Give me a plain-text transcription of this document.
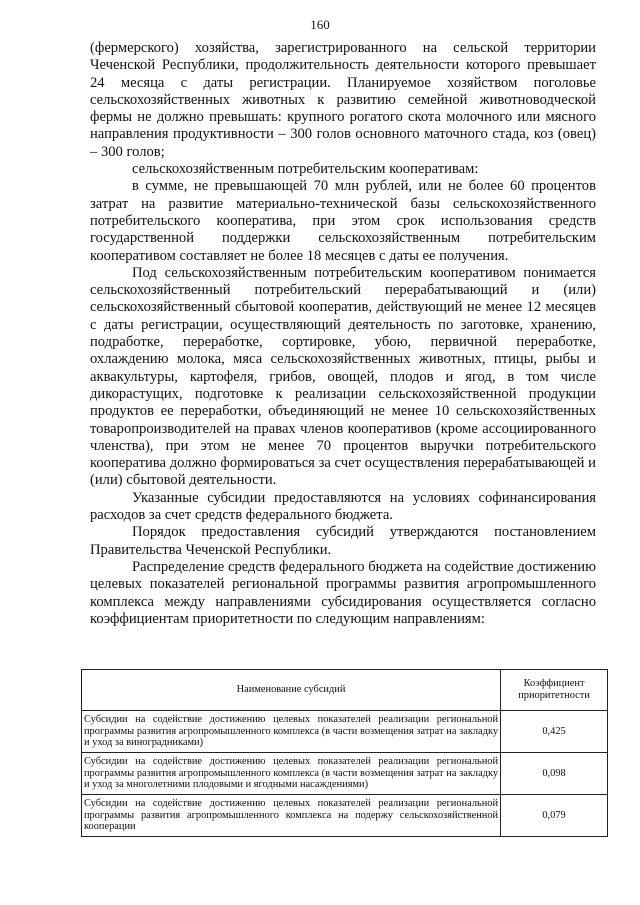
160

(фермерского) хозяйства, зарегистрированного на сельской территории Чеченской Республики, продолжительность деятельности которого превышает 24 месяца с даты регистрации. Планируемое хозяйством поголовье сельскохозяйственных животных к развитию семейной животноводческой фермы не должно превышать: крупного рогатого скота молочного или мясного направления продуктивности – 300 голов основного маточного стада, коз (овец) – 300 голов;

сельскохозяйственным потребительским кооперативам:

в сумме, не превышающей 70 млн рублей, или не более 60 процентов затрат на развитие материально-технической базы сельскохозяйственного потребительского кооператива, при этом срок использования средств государственной поддержки сельскохозяйственным потребительским кооперативом составляет не более 18 месяцев с даты ее получения.

Под сельскохозяйственным потребительским кооперативом понимается сельскохозяйственный потребительский перерабатывающий и (или) сельскохозяйственный сбытовой кооператив, действующий не менее 12 месяцев с даты регистрации, осуществляющий деятельность по заготовке, хранению, подработке, переработке, сортировке, убою, первичной переработке, охлаждению молока, мяса сельскохозяйственных животных, птицы, рыбы и аквакультуры, картофеля, грибов, овощей, плодов и ягод, в том числе дикорастущих, подготовке к реализации сельскохозяйственной продукции продуктов ее переработки, объединяющий не менее 10 сельскохозяйственных товаропроизводителей на правах членов кооперативов (кроме ассоциированного членства), при этом не менее 70 процентов выручки потребительского кооператива должно формироваться за счет осуществления перерабатывающей и (или) сбытовой деятельности.

Указанные субсидии предоставляются на условиях софинансирования расходов за счет средств федерального бюджета.

Порядок предоставления субсидий утверждаются постановлением Правительства Чеченской Республики.

Распределение средств федерального бюджета на содействие достижению целевых показателей региональной программы развития агропромышленного комплекса между направлениями субсидирования осуществляется согласно коэффициентам приоритетности по следующим направлениям:

Наименование субсидий	Коэффициент приоритетности
Субсидии на содействие достижению целевых показателей реализации региональной программы развития агропромышленного комплекса (в части возмещения затрат на закладку и уход за виноградниками)	0,425
Субсидии на содействие достижению целевых показателей реализации региональной программы развития агропромышленного комплекса (в части возмещения затрат на закладку и уход за многолетними плодовыми и ягодными насаждениями)	0,098
Субсидии на содействие достижению целевых показателей реализации региональной программы развития агропромышленного комплекса на подержу сельскохозяйственной кооперации	0,079
